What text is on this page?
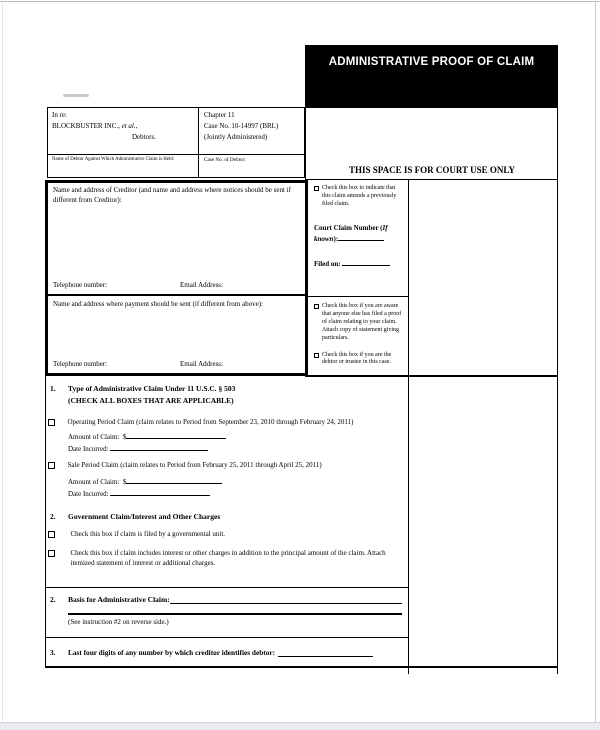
ADMINISTRATIVE PROOF OF CLAIM
THIS SPACE IS FOR COURT USE ONLY
In re:
BLOCKBUSTER INC., et al.,
Debtors.
Chapter 11
Case No. 10-14997 (BRL)
(Jointly Administered)
Name of Debtor Against Which Administrative Claim is Held:	Case No. of Debtor:
Name and address of Creditor (and name and address where notices should be sent if different from Creditor):
Telephone number:	Email Address:
Name and address where payment should be sent (if different from above):
Telephone number:	Email Address:
Check this box to indicate that this claim amends a previously filed claim.
Court Claim Number (If known):
Filed on:
Check this box if you are aware that anyone else has filed a proof of claim relating to your claim. Attach copy of statement giving particulars.
Check this box if you are the debtor or trustee in this case.
1.	Type of Administrative Claim Under 11 U.S.C. § 503
(CHECK ALL BOXES THAT ARE APPLICABLE)
Operating Period Claim (claim relates to Period from September 23, 2010 through February 24, 2011)
Amount of Claim:  $
Date Incurred:
Sale Period Claim (claim relates to Period from February 25, 2011 through April 25, 2011)
Amount of Claim:  $
Date Incurred:
2.	Government Claim/Interest and Other Charges
Check this box if claim is filed by a governmental unit.
Check this box if claim includes interest or other charges in addition to the principal amount of the claim. Attach itemized statement of interest or additional charges.
2.	Basis for Administrative Claim:
(See instruction #2 on reverse side.)
3.	Last four digits of any number by which creditor identifies debtor:
